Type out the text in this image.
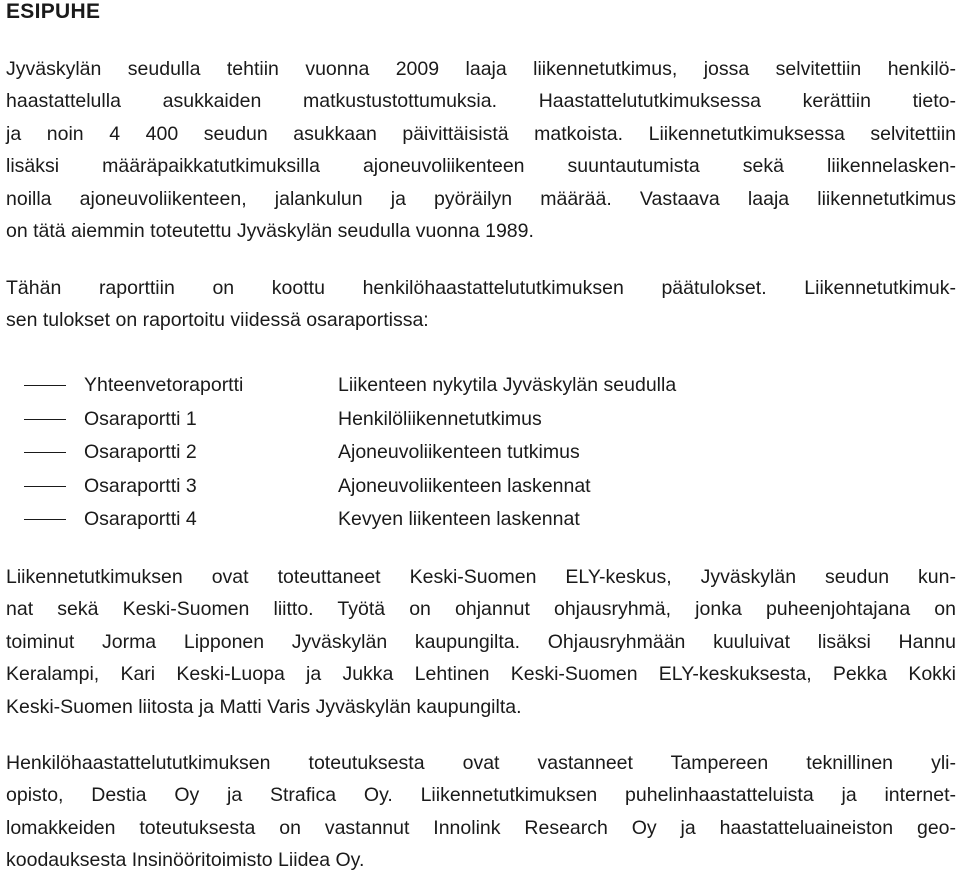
ESIPUHE
Jyväskylän seudulla tehtiin vuonna 2009 laaja liikennetutkimus, jossa selvitettiin henkilö-
haastattelulla asukkaiden matkustustottumuksia. Haastattelututkimuksessa kerättiin tieto-
ja noin 4 400 seudun asukkaan päivittäisistä matkoista. Liikennetutkimuksessa selvitettiin
lisäksi määräpaikkatutkimuksilla ajoneuvoliikenteen suuntautumista sekä liikennelasken-
noilla ajoneuvoliikenteen, jalankulun ja pyöräilyn määrää. Vastaava laaja liikennetutkimus
on tätä aiemmin toteutettu Jyväskylän seudulla vuonna 1989.
Tähän raporttiin on koottu henkilöhaastattelututkimuksen päätulokset. Liikennetutkimuk-
sen tulokset on raportoitu viidessä osaraportissa:
Yhteenvetoraportti	Liikenteen nykytila Jyväskylän seudulla
Osaraportti 1	Henkilöliikennetutkimus
Osaraportti 2	Ajoneuvoliikenteen tutkimus
Osaraportti 3	Ajoneuvoliikenteen laskennat
Osaraportti 4	Kevyen liikenteen laskennat
Liikennetutkimuksen ovat toteuttaneet Keski-Suomen ELY-keskus, Jyväskylän seudun kun-
nat sekä Keski-Suomen liitto. Työtä on ohjannut ohjausryhmä, jonka puheenjohtajana on
toiminut Jorma Lipponen Jyväskylän kaupungilta. Ohjausryhmään kuuluivat lisäksi Hannu
Keralampi, Kari Keski-Luopa ja Jukka Lehtinen Keski-Suomen ELY-keskuksesta, Pekka Kokki
Keski-Suomen liitosta ja Matti Varis Jyväskylän kaupungilta.
Henkilöhaastattelututkimuksen toteutuksesta ovat vastanneet Tampereen teknillinen yli-
opisto, Destia Oy ja Strafica Oy. Liikennetutkimuksen puhelinhaastatteluista ja internet-
lomakkeiden toteutuksesta on vastannut Innolink Research Oy ja haastatteluaineiston geo-
koodauksesta Insinööritoimisto Liidea Oy.
